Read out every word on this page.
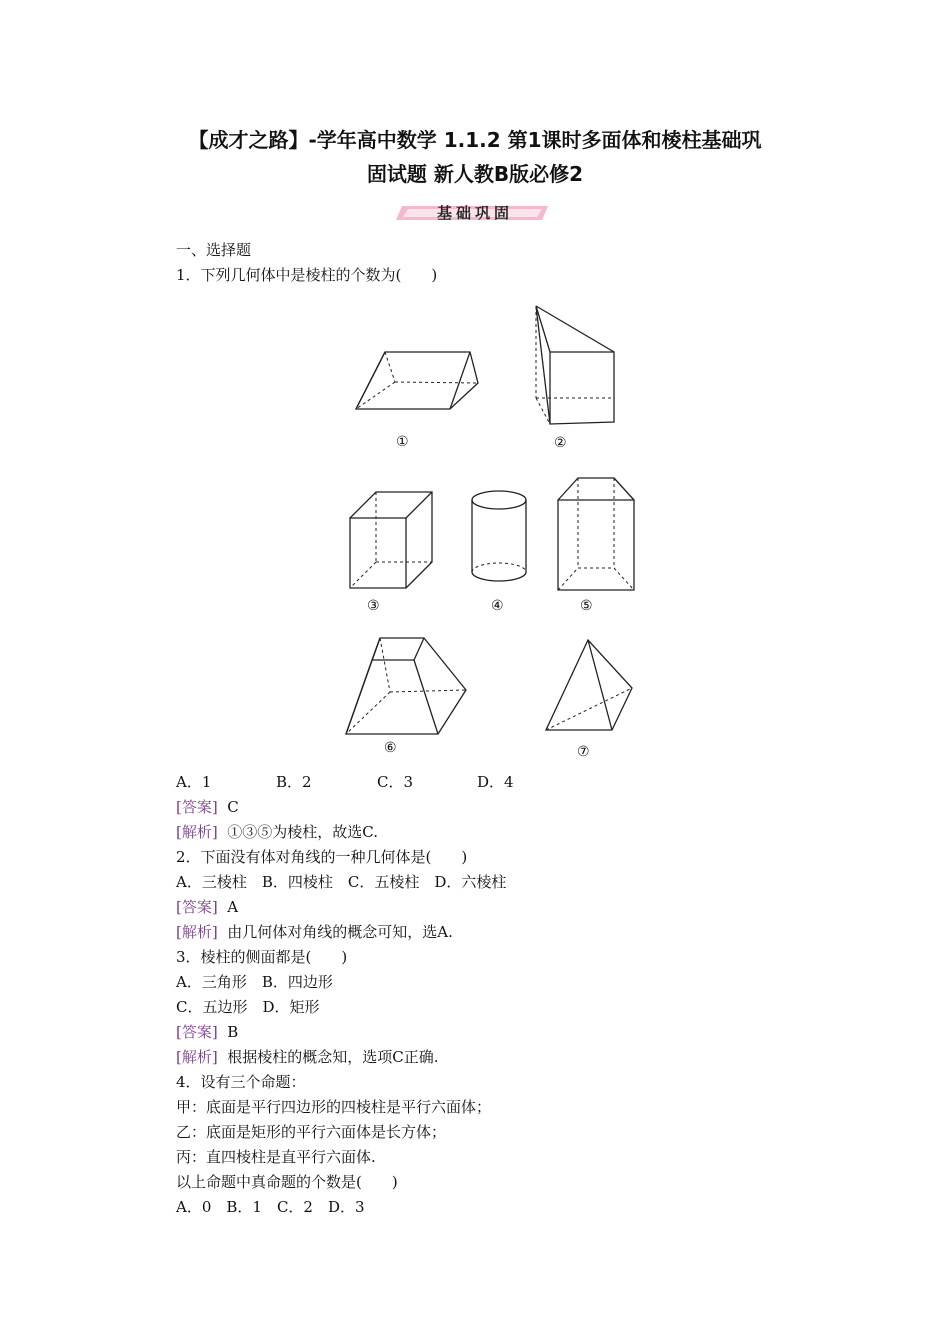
【成才之路】-学年高中数学 1.1.2 第1课时多面体和棱柱基础巩
固试题 新人教B版必修2
基础巩固
一、选择题
1．下列几何体中是棱柱的个数为(　　)
①	②
③	④	⑤
⑥	⑦
A．1	B．2	C．3	D．4
[答案] C
[解析] ①③⑤为棱柱，故选C.
2．下面没有体对角线的一种几何体是(　　)
A．三棱柱　B．四棱柱　C．五棱柱　D．六棱柱
[答案] A
[解析] 由几何体对角线的概念可知，选A.
3．棱柱的侧面都是(　　)
A．三角形　B．四边形
C．五边形　D．矩形
[答案] B
[解析] 根据棱柱的概念知，选项C正确.
4．设有三个命题：
甲：底面是平行四边形的四棱柱是平行六面体；
乙：底面是矩形的平行六面体是长方体；
丙：直四棱柱是直平行六面体.
以上命题中真命题的个数是(　　)
A．0　B．1　C．2　D．3
